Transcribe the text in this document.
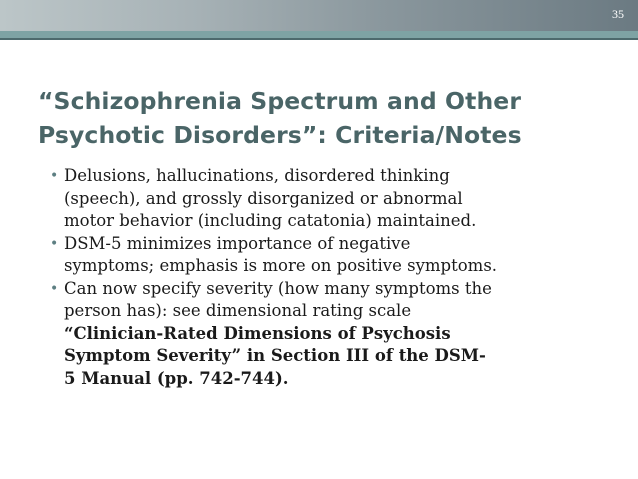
35
“Schizophrenia Spectrum and Other
Psychotic Disorders”: Criteria/Notes
• Delusions, hallucinations, disordered thinking
(speech), and grossly disorganized or abnormal
motor behavior (including catatonia) maintained.
• DSM-5 minimizes importance of negative
symptoms; emphasis is more on positive symptoms.
• Can now specify severity (how many symptoms the
person has): see dimensional rating scale
“Clinician-Rated Dimensions of Psychosis
Symptom Severity” in Section III of the DSM-
5 Manual (pp. 742-744).
